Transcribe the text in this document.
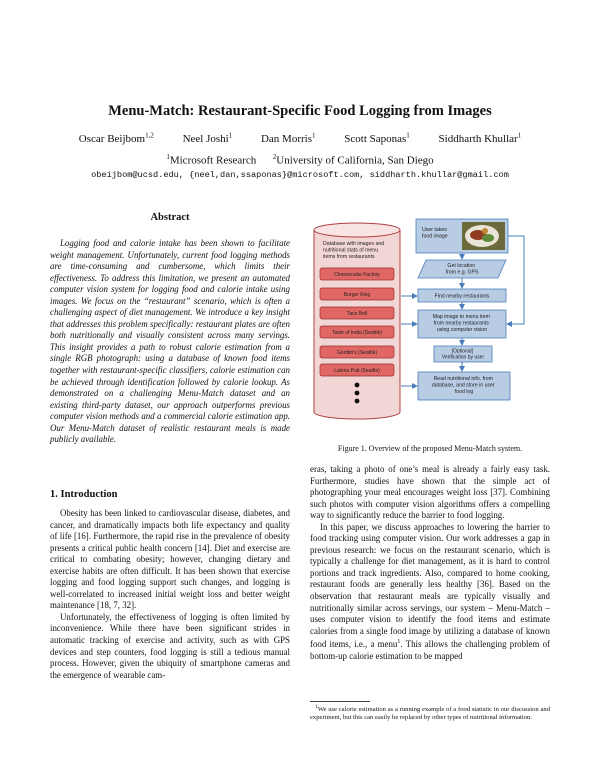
Menu-Match: Restaurant-Specific Food Logging from Images
Oscar Beijbom$^{1,2}$	Neel Joshi$^1$	Dan Morris$^1$	Scott Saponas$^1$	Siddharth Khullar$^1$
$^1$Microsoft Research $^2$University of California, San Diego
obeijbom@ucsd.edu, {neel,dan,ssaponas}@microsoft.com, siddharth.khullar@gmail.com
Abstract

Logging food and calorie intake has been shown to facilitate weight management. Unfortunately, current food logging methods are time-consuming and cumbersome, which limits their effectiveness. To address this limitation, we present an automated computer vision system for logging food and calorie intake using images. We focus on the “restaurant” scenario, which is often a challenging aspect of diet management. We introduce a key insight that addresses this problem specifically: restaurant plates are often both nutritionally and visually consistent across many servings. This insight provides a path to robust calorie estimation from a single RGB photograph: using a database of known food items together with restaurant-specific classifiers, calorie estimation can be achieved through identification followed by calorie lookup. As demonstrated on a challenging Menu-Match dataset and an existing third-party dataset, our approach outperforms previous computer vision methods and a commercial calorie estimation app. Our Menu-Match dataset of realistic restaurant meals is made publicly available.

1. Introduction

Obesity has been linked to cardiovascular disease, diabetes, and cancer, and dramatically impacts both life expectancy and quality of life [16]. Furthermore, the rapid rise in the prevalence of obesity presents a critical public health concern [14]. Diet and exercise are critical to combating obesity; however, changing dietary and exercise habits are often difficult. It has been shown that exercise logging and food logging support such changes, and logging is well-correlated to increased initial weight loss and better weight maintenance [18, 7, 32].

Unfortunately, the effectiveness of logging is often limited by inconvenience. While there have been significant strides in automatic tracking of exercise and activity, such as with GPS devices and step counters, food logging is still a tedious manual process. However, given the ubiquity of smartphone cameras and the emergence of wearable cam-

Database with images and nutritional stats of menu items from restaurants
Cheesecake Factory
Burger King
Taco Bell
Taste of India (Seattle)
Gordito's (Seattle)
Lalena Pub (Seattle)
User takes food image
Get location from e.g. GPS
Find nearby restaurants
Map image to menu item from nearby restaurants using computer vision
[Optional] Verification by user
Read nutritional info. from database, and store in user food log
Figure 1. Overview of the proposed Menu-Match system.

eras, taking a photo of one’s meal is already a fairly easy task. Furthermore, studies have shown that the simple act of photographing your meal encourages weight loss [37]. Combining such photos with computer vision algorithms offers a compelling way to significantly reduce the barrier to food logging.

In this paper, we discuss approaches to lowering the barrier to food tracking using computer vision. Our work addresses a gap in previous research: we focus on the restaurant scenario, which is typically a challenge for diet management, as it is hard to control portions and track ingredients. Also, compared to home cooking, restaurant foods are generally less healthy [36]. Based on the observation that restaurant meals are typically visually and nutritionally similar across servings, our system – Menu-Match – uses computer vision to identify the food items and estimate calories from a single food image by utilizing a database of known food items, i.e., a menu$^1$. This allows the challenging problem of bottom-up calorie estimation to be mapped

$^1$We use calorie estimation as a running example of a food statistic in our discussion and experiment, but this can easily be replaced by other types of nutritional information.
